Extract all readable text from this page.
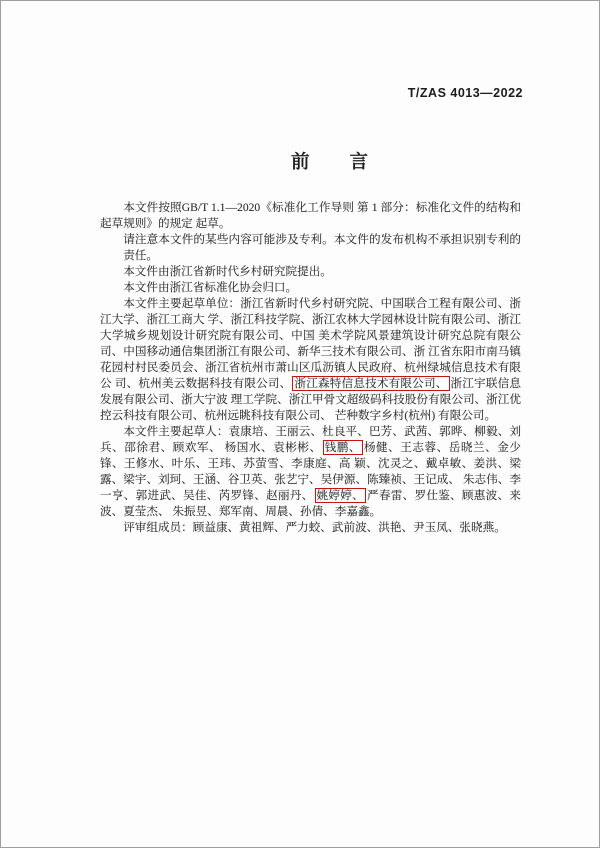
T/ZAS 4013—2022
前　　言

本文件按照GB/T 1.1—2020《标准化工作导则 第 1 部分：标准化文件的结构和起草规则》的规定 起草。

请注意本文件的某些内容可能涉及专利。本文件的发布机构不承担识别专利的责任。

本文件由浙江省新时代乡村研究院提出。

本文件由浙江省标准化协会归口。

本文件主要起草单位：浙江省新时代乡村研究院、中国联合工程有限公司、浙江大学、浙江工商大 学、浙江科技学院、浙江农林大学园林设计院有限公司、浙江大学城乡规划设计研究院有限公司、中国 美术学院风景建筑设计研究总院有限公司、中国移动通信集团浙江有限公司、新华三技术有限公司、浙 江省东阳市南马镇花园村村民委员会、浙江省杭州市萧山区瓜沥镇人民政府、杭州绿城信息技术有限公 司、杭州美云数据科技有限公司、 浙江森特信息技术有限公司、 浙江宇联信息发展有限公司、浙大宁波 理工学院、浙江甲骨文超级码科技股份有限公司、浙江优控云科技有限公司、杭州远眺科技有限公司、 芒种数字乡村(杭州) 有限公司。

本文件主要起草人：袁康培、王丽云、杜良平、巴芳、武茜、郭晔、柳毅、刘兵、邵徐君、顾欢军、 杨国水、袁彬彬、 钱鹏、 杨健、王志蓉、岳晓兰、金少锋、王修水、叶乐、王玮、苏萤雪、李康庭、高 颖、沈灵之、戴卓敏、姜洪、梁露、梁宇、刘珂、王涵、谷卫英、张艺宁、吴伊源、陈臻祯、王记成、 朱志伟、李一亨、郭进武、吴佳、芮罗锋、赵丽丹、 姚婷婷、 严春雷、罗仕鉴、顾惠波、来波、夏莹杰、 朱振昱、郑军南、周晨、孙倩、李嘉鑫。

评审组成员：顾益康、黄祖辉、严力蛟、武前波、洪艳、尹玉凤、张晓燕。
